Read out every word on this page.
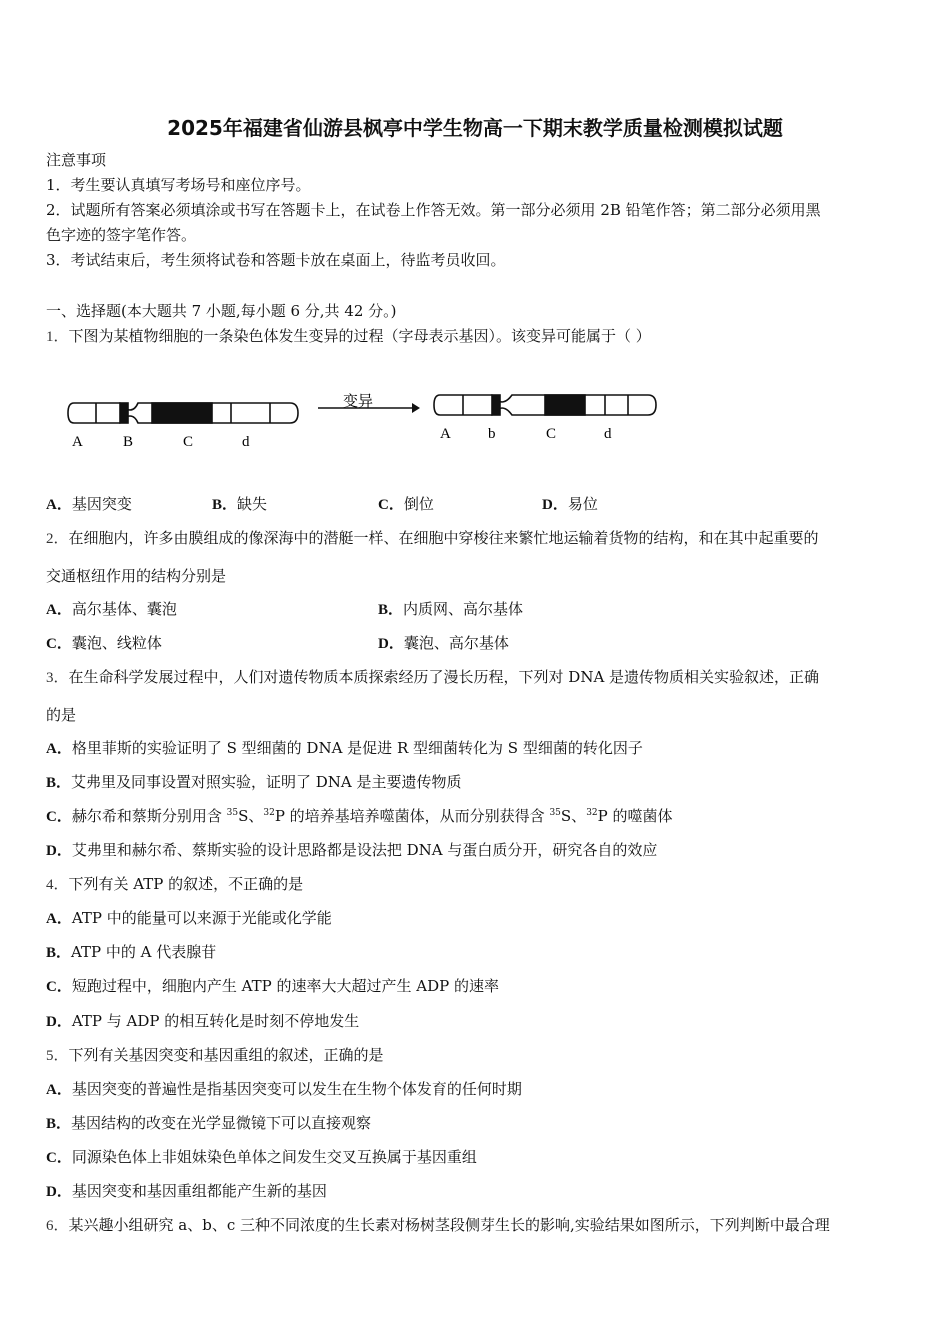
2025年福建省仙游县枫亭中学生物高一下期末教学质量检测模拟试题
注意事项
1．考生要认真填写考场号和座位序号。
2．试题所有答案必须填涂或书写在答题卡上，在试卷上作答无效。第一部分必须用 2B 铅笔作答；第二部分必须用黑
色字迹的签字笔作答。
3．考试结束后，考生须将试卷和答题卡放在桌面上，待监考员收回。
一、选择题(本大题共 7 小题,每小题 6 分,共 42 分。)
1．下图为某植物细胞的一条染色体发生变异的过程（字母表示基因）。该变异可能属于（ ）
A	B	C	d
变异
A b	C	d
A．基因突变	B．缺失	C．倒位	D．易位
2．在细胞内，许多由膜组成的像深海中的潜艇一样、在细胞中穿梭往来繁忙地运输着货物的结构，和在其中起重要的
交通枢纽作用的结构分别是
A．高尔基体、囊泡	B．内质网、高尔基体
C．囊泡、线粒体	D．囊泡、高尔基体
3．在生命科学发展过程中，人们对遗传物质本质探索经历了漫长历程，下列对 DNA 是遗传物质相关实验叙述，正确
的是
A．格里菲斯的实验证明了 S 型细菌的 DNA 是促进 R 型细菌转化为 S 型细菌的转化因子
B．艾弗里及同事设置对照实验，证明了 DNA 是主要遗传物质
C．赫尔希和蔡斯分别用含 $^{35}$S、$^{32}$P 的培养基培养噬菌体，从而分别获得含 $^{35}$S、$^{32}$P 的噬菌体
D．艾弗里和赫尔希、蔡斯实验的设计思路都是设法把 DNA 与蛋白质分开，研究各自的效应
4．下列有关 ATP 的叙述，不正确的是
A．ATP 中的能量可以来源于光能或化学能
B．ATP 中的 A 代表腺苷
C．短跑过程中，细胞内产生 ATP 的速率大大超过产生 ADP 的速率
D．ATP 与 ADP 的相互转化是时刻不停地发生
5．下列有关基因突变和基因重组的叙述，正确的是
A．基因突变的普遍性是指基因突变可以发生在生物个体发育的任何时期
B．基因结构的改变在光学显微镜下可以直接观察
C．同源染色体上非姐妹染色单体之间发生交叉互换属于基因重组
D．基因突变和基因重组都能产生新的基因
6．某兴趣小组研究 a、b、c 三种不同浓度的生长素对杨树茎段侧芽生长的影响,实验结果如图所示，下列判断中最合理
